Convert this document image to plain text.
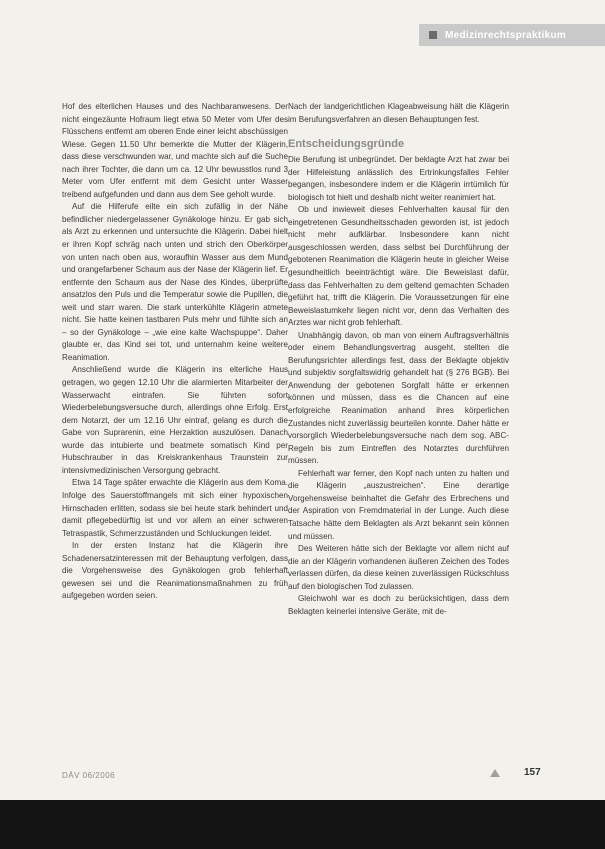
Medizinrechtspraktikum

Hof des elterlichen Hauses und des Nachbaranwesens. Der nicht eingezäunte Hofraum liegt etwa 50 Meter vom Ufer des Flüsschens entfernt am oberen Ende einer leicht abschüssigen Wiese. Gegen 11.50 Uhr bemerkte die Mutter der Klägerin, dass diese verschwunden war, und machte sich auf die Suche nach ihrer Tochter, die dann um ca. 12 Uhr bewusstlos rund 3 Meter vom Ufer entfernt mit dem Gesicht unter Wasser treibend aufgefunden und dann aus dem See geholt wurde.

Auf die Hilferufe eilte ein sich zufällig in der Nähe befindlicher niedergelassener Gynäkologe hinzu. Er gab sich als Arzt zu erkennen und untersuchte die Klägerin. Dabei hielt er ihren Kopf schräg nach unten und strich den Oberkörper von unten nach oben aus, woraufhin Wasser aus dem Mund und orangefarbener Schaum aus der Nase der Klägerin lief. Er entfernte den Schaum aus der Nase des Kindes, überprüfte ansatzlos den Puls und die Temperatur sowie die Pupillen, die weit und starr waren. Die stark unterkühlte Klägerin atmete nicht. Sie hatte keinen tastbaren Puls mehr und fühlte sich an – so der Gynäkologe – „wie eine kalte Wachspuppe“. Daher glaubte er, das Kind sei tot, und unternahm keine weitere Reanimation.

Anschließend wurde die Klägerin ins elterliche Haus getragen, wo gegen 12.10 Uhr die alarmierten Mitarbeiter der Wasserwacht eintrafen. Sie führten sofort Wiederbelebungsversuche durch, allerdings ohne Erfolg. Erst dem Notarzt, der um 12.16 Uhr eintraf, gelang es durch die Gabe von Suprarenin, eine Herzaktion auszulösen. Danach wurde das intubierte und beatmete somatisch Kind per Hubschrauber in das Kreiskrankenhaus Traunstein zur intensivmedizinischen Versorgung gebracht.

Etwa 14 Tage später erwachte die Klägerin aus dem Koma. Infolge des Sauerstoffmangels mit sich einer hypoxischen Hirnschaden erlitten, sodass sie bei heute stark behindert und damit pflegebedürftig ist und vor allem an einer schweren Tetraspastik, Schmerzzuständen und Schluckungen leidet.

In der ersten Instanz hat die Klägerin ihre Schadenersatzinteressen mit der Behauptung verfolgen, dass die Vorgehensweise des Gynäkologen grob fehlerhaft gewesen sei und die Reanimationsmaßnahmen zu früh aufgegeben worden seien.

Nach der landgerichtlichen Klageabweisung hält die Klägerin im Berufungsverfahren an diesen Behauptungen fest.

Entscheidungsgründe

Die Berufung ist unbegründet. Der beklagte Arzt hat zwar bei der Hilfeleistung anlässlich des Ertrinkungsfalles Fehler begangen, insbesondere indem er die Klägerin irrtümlich für biologisch tot hielt und deshalb nicht weiter reanimiert hat.

Ob und inwieweit dieses Fehlverhalten kausal für den eingetretenen Gesundheitsschaden geworden ist, ist jedoch nicht mehr aufklärbar. Insbesondere kann nicht ausgeschlossen werden, dass selbst bei Durchführung der gebotenen Reanimation die Klägerin heute in gleicher Weise gesundheitlich beeinträchtigt wäre. Die Beweislast dafür, dass das Fehlverhalten zu dem geltend gemachten Schaden geführt hat, trifft die Klägerin. Die Voraussetzungen für eine Beweislastumkehr liegen nicht vor, denn das Verhalten des Arztes war nicht grob fehlerhaft.

Unabhängig davon, ob man von einem Auftragsverhältnis oder einem Behandlungsvertrag ausgeht, stellten die Berufungsrichter allerdings fest, dass der Beklagte objektiv und subjektiv sorgfaltswidrig gehandelt hat (§ 276 BGB). Bei Anwendung der gebotenen Sorgfalt hätte er erkennen können und müssen, dass es die Chancen auf eine erfolgreiche Reanimation anhand ihres körperlichen Zustandes nicht zuverlässig beurteilen konnte. Daher hätte er vorsorglich Wiederbelebungsversuche nach dem sog. ABC-Regeln bis zum Eintreffen des Notarztes durchführen müssen.

Fehlerhaft war ferner, den Kopf nach unten zu halten und die Klägerin „auszustreichen“. Eine derartige Vorgehensweise beinhaltet die Gefahr des Erbrechens und der Aspiration von Fremdmaterial in der Lunge. Auch diese Tatsache hätte dem Beklagten als Arzt bekannt sein können und müssen.

Des Weiteren hätte sich der Beklagte vor allem nicht auf die an der Klägerin vorhandenen äußeren Zeichen des Todes verlassen dürfen, da diese keinen zuverlässigen Rückschluss auf den biologischen Tod zulassen.

Gleichwohl war es doch zu berücksichtigen, dass dem Beklagten keinerlei intensive Geräte, mit de-

DÄV 06/2006	157
